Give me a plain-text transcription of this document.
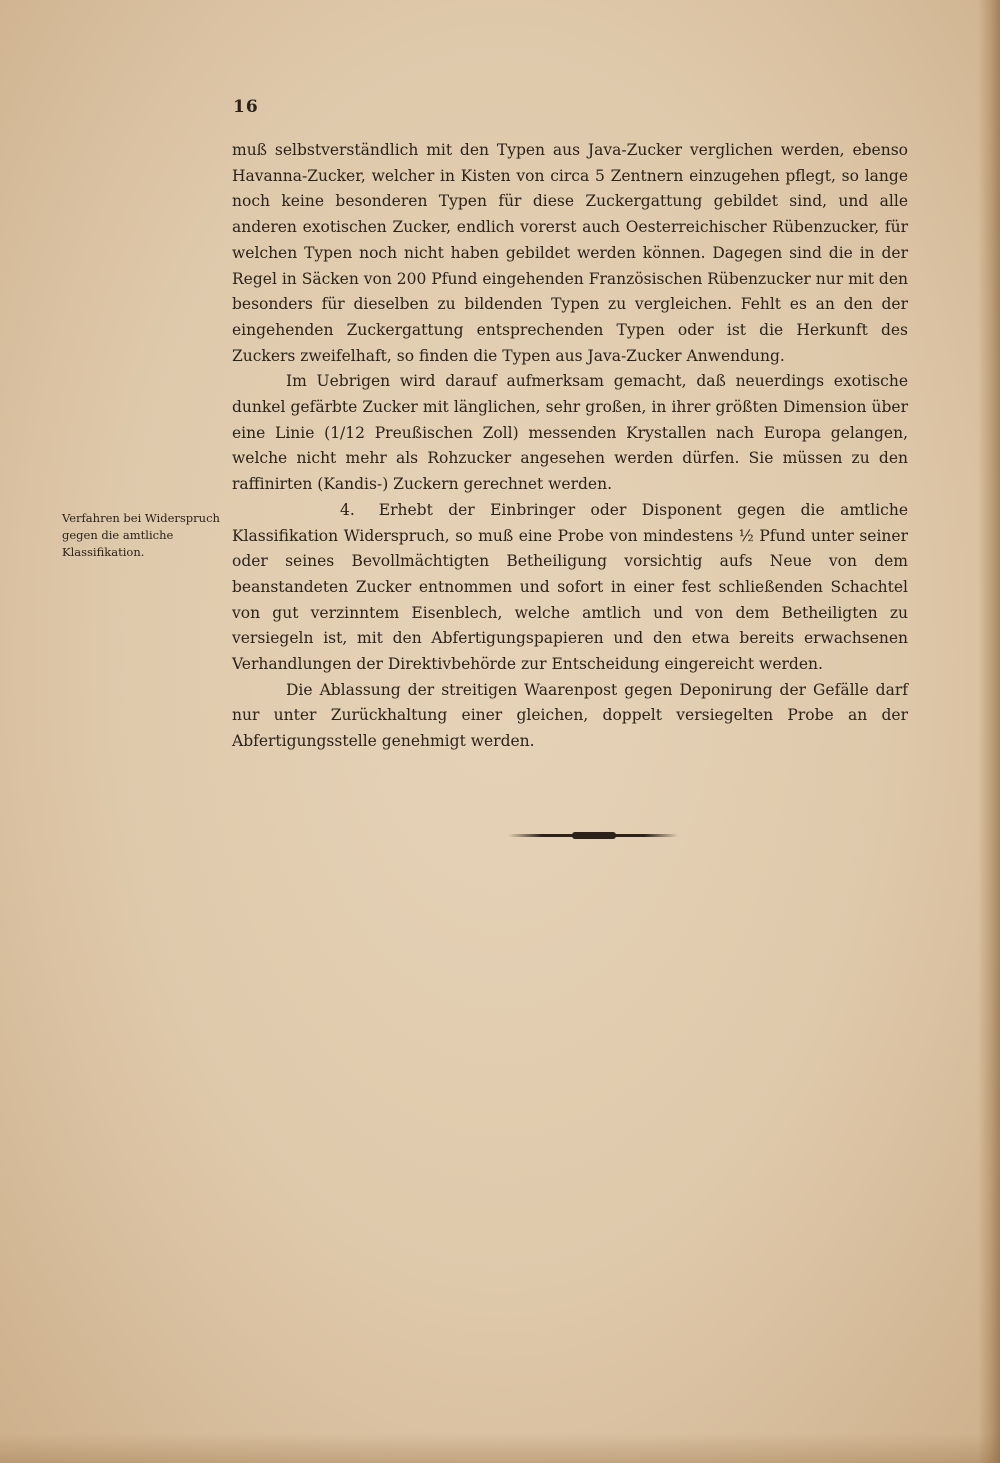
16

muß selbstverständlich mit den Typen aus Java-Zucker verglichen werden, ebenso Havanna-Zucker, welcher in Kisten von circa 5 Zentnern einzugehen pflegt, so lange noch keine besonderen Typen für diese Zuckergattung gebildet sind, und alle anderen exotischen Zucker, endlich vorerst auch Oesterreichischer Rübenzucker, für welchen Typen noch nicht haben gebildet werden können. Dagegen sind die in der Regel in Säcken von 200 Pfund eingehenden Französischen Rübenzucker nur mit den besonders für dieselben zu bildenden Typen zu vergleichen. Fehlt es an den der eingehenden Zuckergattung entsprechenden Typen oder ist die Herkunft des Zuckers zweifelhaft, so finden die Typen aus Java-Zucker Anwendung.

Im Uebrigen wird darauf aufmerksam gemacht, daß neuerdings exotische dunkel gefärbte Zucker mit länglichen, sehr großen, in ihrer größten Dimension über eine Linie (1/12 Preußischen Zoll) messenden Krystallen nach Europa gelangen, welche nicht mehr als Rohzucker angesehen werden dürfen. Sie müssen zu den raffinirten (Kandis-) Zuckern gerechnet werden.

4. Erhebt der Einbringer oder Disponent gegen die amtliche Klassifikation Widerspruch, so muß eine Probe von mindestens ½ Pfund unter seiner oder seines Bevollmächtigten Betheiligung vorsichtig aufs Neue von dem beanstandeten Zucker entnommen und sofort in einer fest schließenden Schachtel von gut verzinntem Eisenblech, welche amtlich und von dem Betheiligten zu versiegeln ist, mit den Abfertigungspapieren und den etwa bereits erwachsenen Verhandlungen der Direktivbehörde zur Entscheidung eingereicht werden.

Die Ablassung der streitigen Waarenpost gegen Deponirung der Gefälle darf nur unter Zurückhaltung einer gleichen, doppelt versiegelten Probe an der Abfertigungsstelle genehmigt werden.

Verfahren bei Widerspruch gegen die amtliche Klassifikation.
